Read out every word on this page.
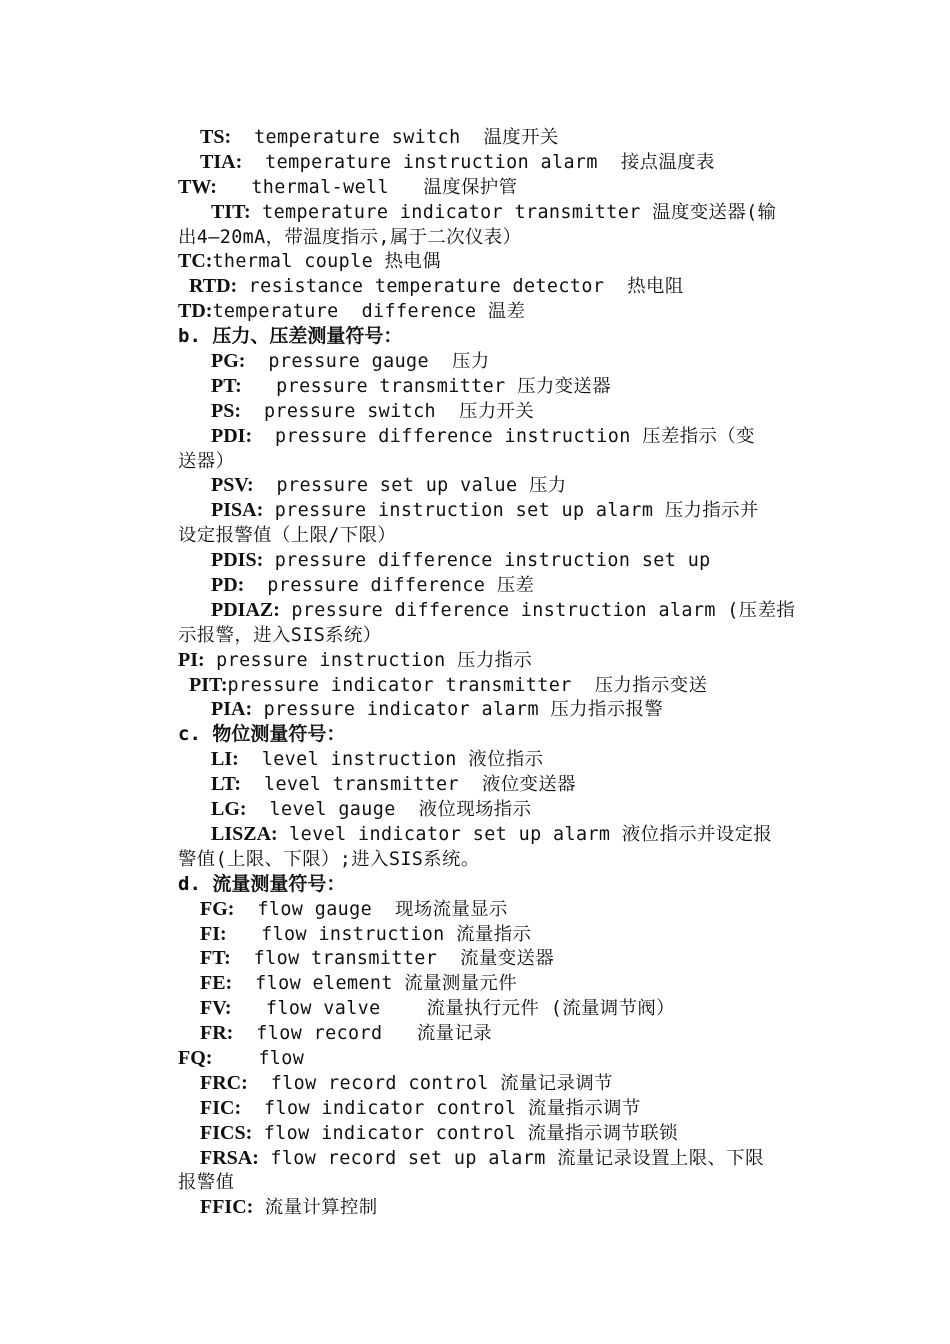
TS:  temperature switch  温度开关
TIA:  temperature instruction alarm  接点温度表
TW:   thermal-well   温度保护管
TIT: temperature indicator transmitter 温度变送器(输
出4—20mA，带温度指示,属于二次仪表）
TC:thermal couple 热电偶
RTD: resistance temperature detector  热电阻
TD:temperature  difference 温差
b. 压力、压差测量符号：
PG:  pressure gauge  压力
PT:   pressure transmitter 压力变送器
PS:  pressure switch  压力开关
PDI:  pressure difference instruction 压差指示（变
送器）
PSV:  pressure set up value 压力
PISA: pressure instruction set up alarm 压力指示并
设定报警值（上限/下限）
PDIS: pressure difference instruction set up
PD:  pressure difference 压差
PDIAZ: pressure difference instruction alarm (压差指
示报警，进入SIS系统）
PI: pressure instruction 压力指示
PIT:pressure indicator transmitter  压力指示变送
PIA: pressure indicator alarm 压力指示报警
c. 物位测量符号：
LI:  level instruction 液位指示
LT:  level transmitter  液位变送器
LG:  level gauge  液位现场指示
LISZA: level indicator set up alarm 液位指示并设定报
警值(上限、下限）;进入SIS系统。
d. 流量测量符号：
FG:  flow gauge  现场流量显示
FI:   flow instruction 流量指示
FT:  flow transmitter  流量变送器
FE:  flow element 流量测量元件
FV:   flow valve    流量执行元件 (流量调节阀）
FR:  flow record   流量记录
FQ:    flow
FRC:  flow record control 流量记录调节
FIC:  flow indicator control 流量指示调节
FICS: flow indicator control 流量指示调节联锁
FRSA: flow record set up alarm 流量记录设置上限、下限
报警值
FFIC: 流量计算控制
